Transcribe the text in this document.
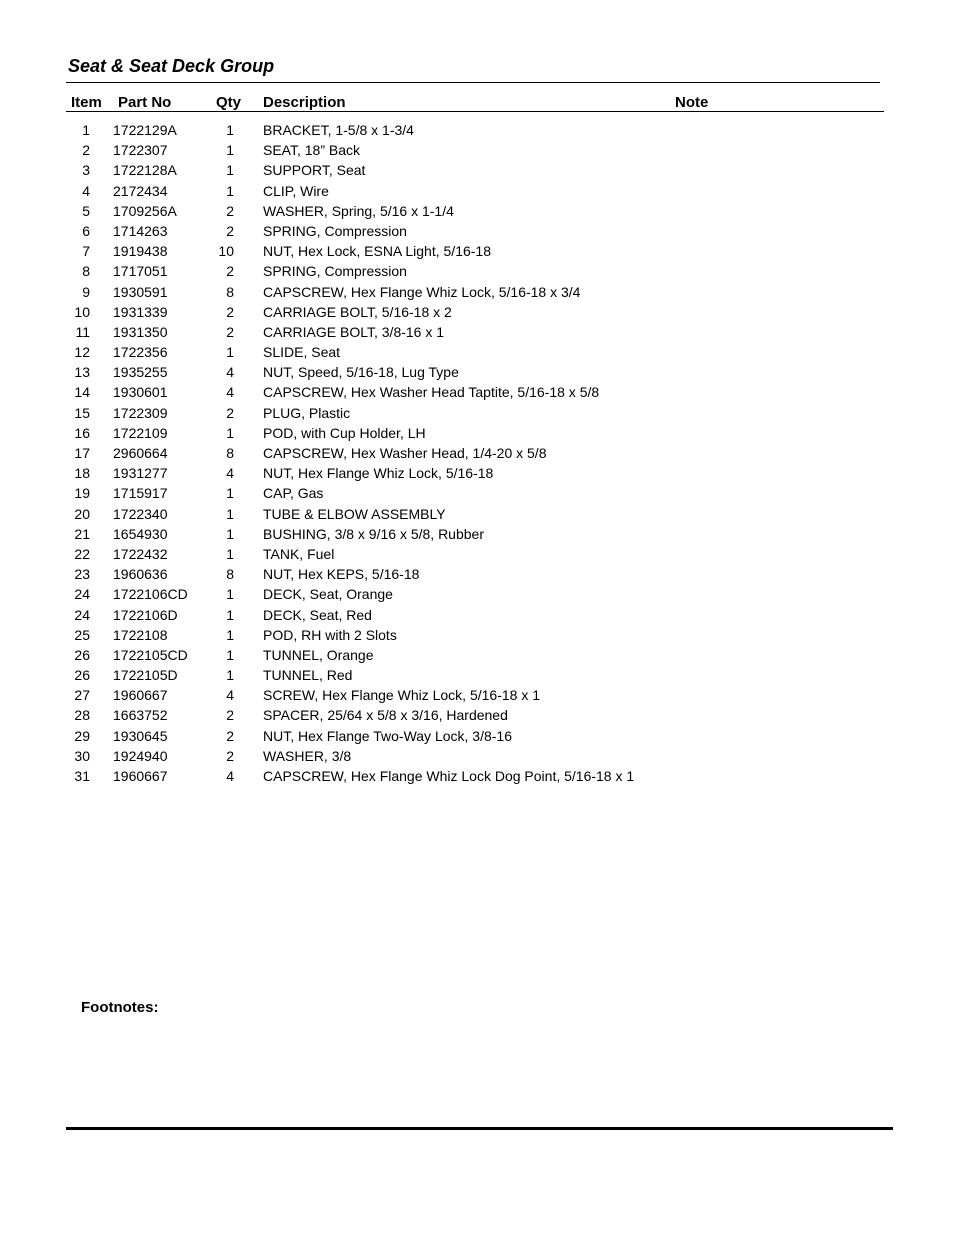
Seat & Seat Deck Group
Item Part No	Qty Description	Note
1 1722129A	1 BRACKET, 1-5/8 x 1-3/4
2 1722307	1 SEAT, 18” Back
3 1722128A	1 SUPPORT, Seat
4 2172434	1 CLIP, Wire
5 1709256A	2 WASHER, Spring, 5/16 x 1-1/4
6 1714263	2 SPRING, Compression
7 1919438	10 NUT, Hex Lock, ESNA Light, 5/16-18
8 1717051	2 SPRING, Compression
9 1930591	8 CAPSCREW, Hex Flange Whiz Lock, 5/16-18 x 3/4
10 1931339	2 CARRIAGE BOLT, 5/16-18 x 2
11 1931350	2 CARRIAGE BOLT, 3/8-16 x 1
12 1722356	1 SLIDE, Seat
13 1935255	4 NUT, Speed, 5/16-18, Lug Type
14 1930601	4 CAPSCREW, Hex Washer Head Taptite, 5/16-18 x 5/8
15 1722309	2 PLUG, Plastic
16 1722109	1 POD, with Cup Holder, LH
17 2960664	8 CAPSCREW, Hex Washer Head, 1/4-20 x 5/8
18 1931277	4 NUT, Hex Flange Whiz Lock, 5/16-18
19 1715917	1 CAP, Gas
20 1722340	1 TUBE & ELBOW ASSEMBLY
21 1654930	1 BUSHING, 3/8 x 9/16 x 5/8, Rubber
22 1722432	1 TANK, Fuel
23 1960636	8 NUT, Hex KEPS, 5/16-18
24 1722106CD	1 DECK, Seat, Orange
24 1722106D	1 DECK, Seat, Red
25 1722108	1 POD, RH with 2 Slots
26 1722105CD	1 TUNNEL, Orange
26 1722105D	1 TUNNEL, Red
27 1960667	4 SCREW, Hex Flange Whiz Lock, 5/16-18 x 1
28 1663752	2 SPACER, 25/64 x 5/8 x 3/16, Hardened
29 1930645	2 NUT, Hex Flange Two-Way Lock, 3/8-16
30 1924940	2 WASHER, 3/8
31 1960667	4 CAPSCREW, Hex Flange Whiz Lock Dog Point, 5/16-18 x 1
Footnotes:
